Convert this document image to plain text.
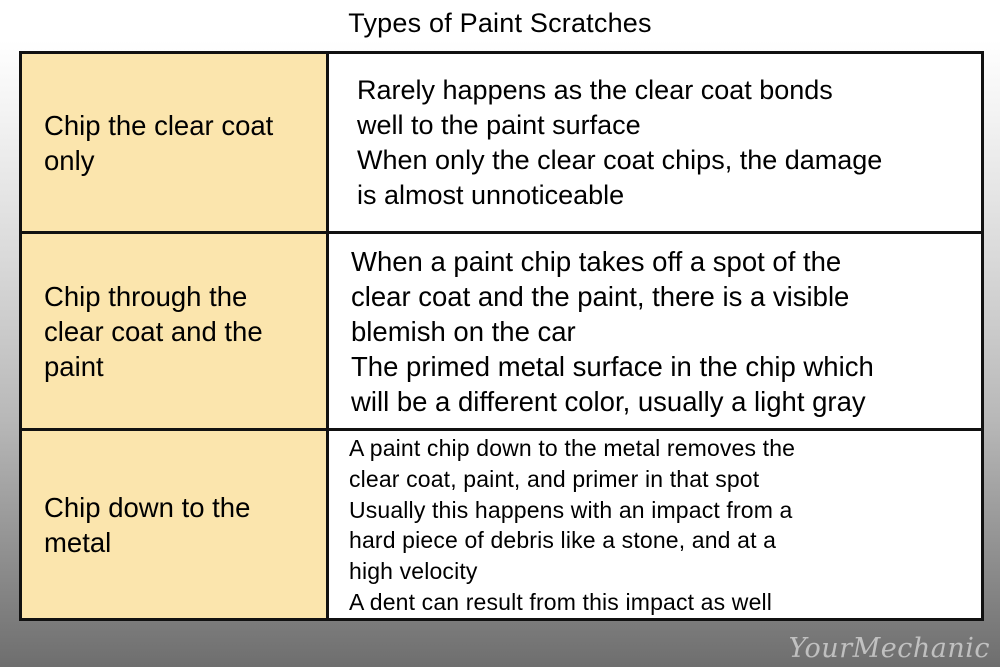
Types of Paint Scratches
Chip the clear coat
only
Rarely happens as the clear coat bonds
well to the paint surface
When only the clear coat chips, the damage
is almost unnoticeable
Chip through the
clear coat and the
paint
When a paint chip takes off a spot of the
clear coat and the paint, there is a visible
blemish on the car
The primed metal surface in the chip which
will be a different color, usually a light gray
Chip down to the
metal
A paint chip down to the metal removes the
clear coat, paint, and primer in that spot
Usually this happens with an impact from a
hard piece of debris like a stone, and at a
high velocity
A dent can result from this impact as well
YourMechanic
